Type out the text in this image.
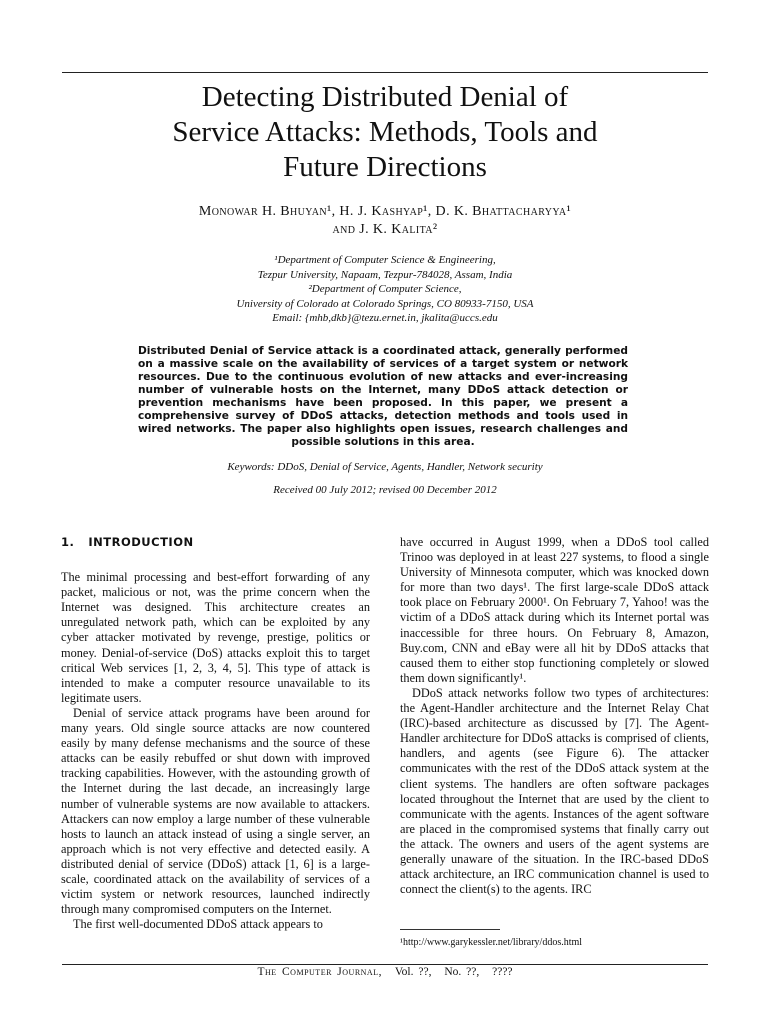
Detecting Distributed Denial of
Service Attacks: Methods, Tools and
Future Directions
Monowar H. Bhuyan¹, H. J. Kashyap¹, D. K. Bhattacharyya¹
and J. K. Kalita²
¹Department of Computer Science & Engineering,
Tezpur University, Napaam, Tezpur-784028, Assam, India
²Department of Computer Science,
University of Colorado at Colorado Springs, CO 80933-7150, USA
Email: {mhb,dkb}@tezu.ernet.in, jkalita@uccs.edu
Distributed Denial of Service attack is a coordinated attack, generally performed on a massive scale on the availability of services of a target system or network resources. Due to the continuous evolution of new attacks and ever-increasing number of vulnerable hosts on the Internet, many DDoS attack detection or prevention mechanisms have been proposed. In this paper, we present a comprehensive survey of DDoS attacks, detection methods and tools used in wired networks. The paper also highlights open issues, research challenges and possible solutions in this area.
Keywords: DDoS, Denial of Service, Agents, Handler, Network security
Received 00 July 2012; revised 00 December 2012
1. INTRODUCTION

The minimal processing and best-effort forwarding of any packet, malicious or not, was the prime concern when the Internet was designed. This architecture creates an unregulated network path, which can be exploited by any cyber attacker motivated by revenge, prestige, politics or money. Denial-of-service (DoS) attacks exploit this to target critical Web services [1, 2, 3, 4, 5]. This type of attack is intended to make a computer resource unavailable to its legitimate users.

Denial of service attack programs have been around for many years. Old single source attacks are now countered easily by many defense mechanisms and the source of these attacks can be easily rebuffed or shut down with improved tracking capabilities. However, with the astounding growth of the Internet during the last decade, an increasingly large number of vulnerable systems are now available to attackers. Attackers can now employ a large number of these vulnerable hosts to launch an attack instead of using a single server, an approach which is not very effective and detected easily. A distributed denial of service (DDoS) attack [1, 6] is a large-scale, coordinated attack on the availability of services of a victim system or network resources, launched indirectly through many compromised computers on the Internet.

The first well-documented DDoS attack appears to

have occurred in August 1999, when a DDoS tool called Trinoo was deployed in at least 227 systems, to flood a single University of Minnesota computer, which was knocked down for more than two days¹. The first large-scale DDoS attack took place on February 2000¹. On February 7, Yahoo! was the victim of a DDoS attack during which its Internet portal was inaccessible for three hours. On February 8, Amazon, Buy.com, CNN and eBay were all hit by DDoS attacks that caused them to either stop functioning completely or slowed them down significantly¹.

DDoS attack networks follow two types of architectures: the Agent-Handler architecture and the Internet Relay Chat (IRC)-based architecture as discussed by [7]. The Agent-Handler architecture for DDoS attacks is comprised of clients, handlers, and agents (see Figure 6). The attacker communicates with the rest of the DDoS attack system at the client systems. The handlers are often software packages located throughout the Internet that are used by the client to communicate with the agents. Instances of the agent software are placed in the compromised systems that finally carry out the attack. The owners and users of the agent systems are generally unaware of the situation. In the IRC-based DDoS attack architecture, an IRC communication channel is used to connect the client(s) to the agents. IRC

¹http://www.garykessler.net/library/ddos.html
The Computer Journal, Vol. ??, No. ??, ????
